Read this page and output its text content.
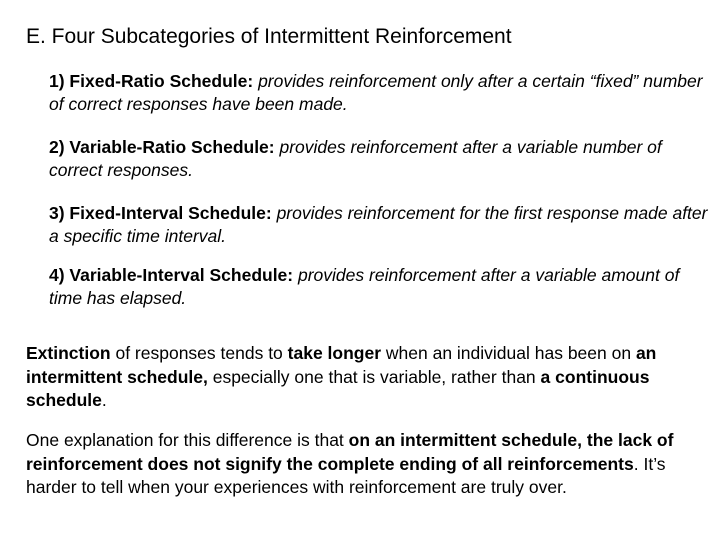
E. Four Subcategories of Intermittent Reinforcement
1) Fixed-Ratio Schedule: provides reinforcement only after a certain “fixed” number of correct responses have been made.
2) Variable-Ratio Schedule: provides reinforcement after a variable number of correct responses.
3) Fixed-Interval Schedule: provides reinforcement for the first response made after a specific time interval.
4) Variable-Interval Schedule: provides reinforcement after a variable amount of time has elapsed.
Extinction of responses tends to take longer when an individual has been on an intermittent schedule, especially one that is variable, rather than a continuous schedule.
One explanation for this difference is that on an intermittent schedule, the lack of reinforcement does not signify the complete ending of all reinforcements. It’s harder to tell when your experiences with reinforcement are truly over.
